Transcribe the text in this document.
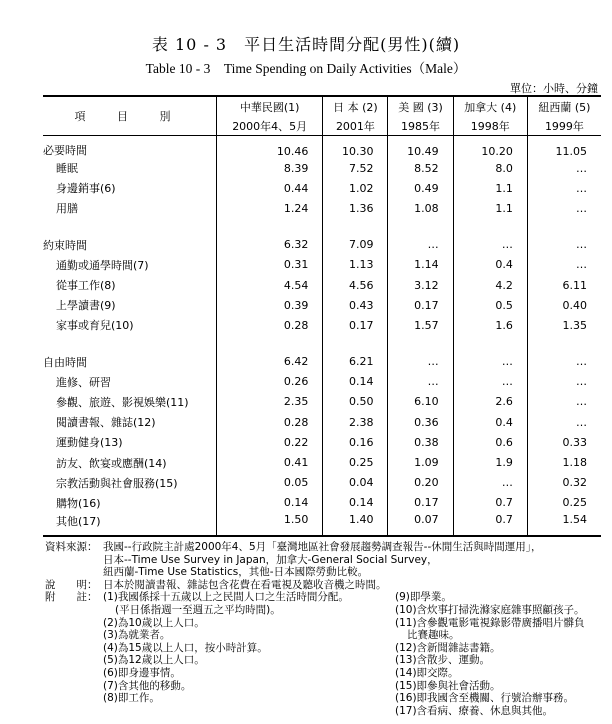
表 10 - 3　平日生活時間分配(男性)(續)
Table 10 - 3　Time Spending on Daily Activities（Male）
單位：小時、分鐘
項 目 別	中華民國(1)	日 本 (2)	美 國 (3)	加拿大 (4)	紐西蘭 (5)
	2000年4、5月	2001年	1985年	1998年	1999年
必要時間	10.46	10.30	10.49	10.20	11.05
睡眠	8.39	7.52	8.52	8.0	…
身邊銷事(6)	0.44	1.02	0.49	1.1	…
用膳	1.24	1.36	1.08	1.1	…

約束時間	6.32	7.09	…	…	…
通勤或通學時間(7)	0.31	1.13	1.14	0.4	…
從事工作(8)	4.54	4.56	3.12	4.2	6.11
上學讀書(9)	0.39	0.43	0.17	0.5	0.40
家事或育兒(10)	0.28	0.17	1.57	1.6	1.35

自由時間	6.42	6.21	…	…	…
進修、研習	0.26	0.14	…	…	…
參觀、旅遊、影視娛樂(11)	2.35	0.50	6.10	2.6	…
閱讀書報、雜誌(12)	0.28	2.38	0.36	0.4	…
運動健身(13)	0.22	0.16	0.38	0.6	0.33
訪友、飲宴或應酬(14)	0.41	0.25	1.09	1.9	1.18
宗教活動與社會服務(15)	0.05	0.04	0.20	…	0.32
購物(16)	0.14	0.14	0.17	0.7	0.25
其他(17)	1.50	1.40	0.07	0.7	1.54
資料來源： 我國--行政院主計處2000年4、5月「臺灣地區社會發展趨勢調查報告--休閒生活與時間運用」，
日本--Time Use Survey in Japan，加拿大-General Social Survey，
紐西蘭-Time Use Statistics，其他-日本國際勞動比較。
說　　明： 日本於閱讀書報、雜誌包含花費在看電視及聽收音機之時間。
附　　註： (1)我國係採十五歲以上之民間人口之生活時間分配。
(平日係指週一至週五之平均時間)。
(2)為10歲以上人口。
(3)為就業者。
(4)為15歲以上人口，按小時計算。
(5)為12歲以上人口。
(6)即身邊事情。
(7)含其他的移動。
(8)即工作。
(9)即學業。
(10)含炊事打掃洗滌家庭雜事照顧孩子。
(11)含參觀電影電視錄影帶廣播唱片髒負
比賽趣味。
(12)含新聞雜誌書籍。
(13)含散步、運動。
(14)即交際。
(15)即參與社會活動。
(16)即我國含至機關、行號洽辦事務。
(17)含看病、療養、休息與其他。
